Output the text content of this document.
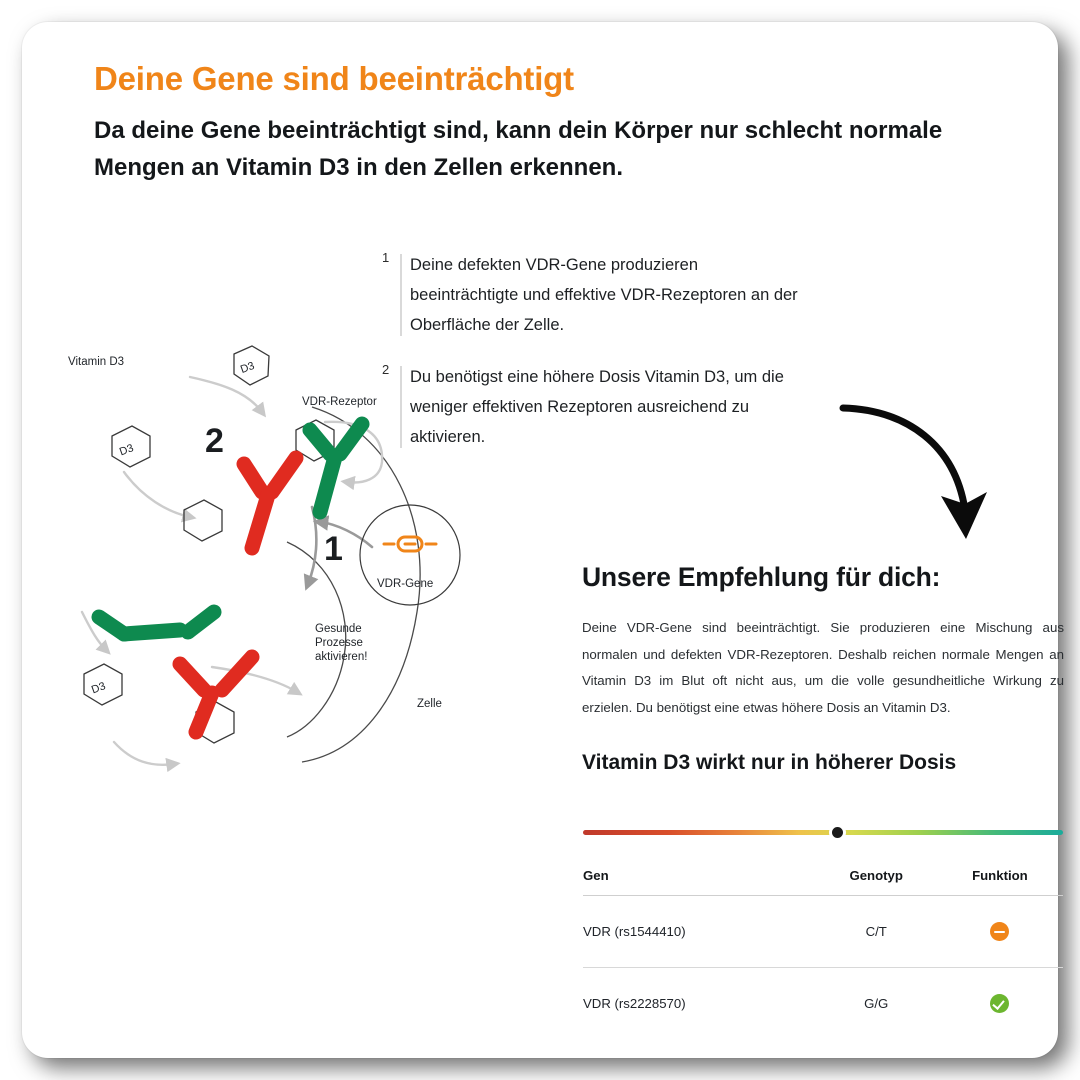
Deine Gene sind beeinträchtigt
Da deine Gene beeinträchtigt sind, kann dein Körper nur schlecht normale Mengen an Vitamin D3 in den Zellen erkennen.
1 Deine defekten VDR-Gene produzieren beeinträchtigte und effektive VDR-Rezeptoren an der Oberfläche der Zelle.
2 Du benötigst eine höhere Dosis Vitamin D3, um die weniger effektiven Rezeptoren ausreichend zu aktivieren.
D3
D3
D3
2
1
Vitamin D3
VDR-Rezeptor
VDR-Gene
Zelle
Gesunde
Prozesse
aktivieren!
Unsere Empfehlung für dich:

Deine VDR-Gene sind beeinträchtigt. Sie produzieren eine Mischung aus normalen und defekten VDR-Rezeptoren. Deshalb reichen normale Mengen an Vitamin D3 im Blut oft nicht aus, um die volle gesundheitliche Wirkung zu erzielen. Du benötigst eine etwas höhere Dosis an Vitamin D3.

Vitamin D3 wirkt nur in höherer Dosis
Gen	Genotyp	Funktion
VDR (rs1544410)	C/T	
VDR (rs2228570)	G/G	
